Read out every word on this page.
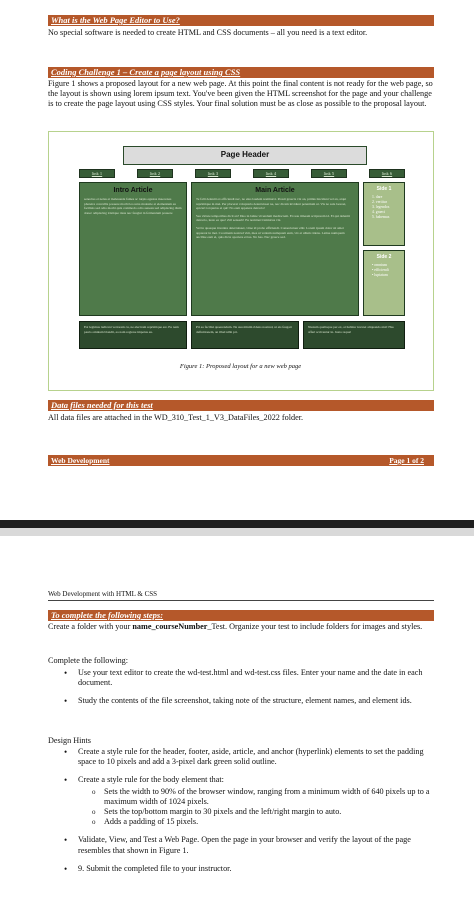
What is the Web Page Editor to Use?
No special software is needed to create HTML and CSS documents – all you need is a text editor.
Coding Challenge 1 – Create a page layout using CSS
Figure 1 shows a proposed layout for a new web page. At this point the final content is not ready for the web page, so the layout is shown using lorem ipsum text. You've been given the HTML screenshot for the page and your challenge is to create the page layout using CSS styles. Your final solution must be as close as possible to the proposal layout.
Page Header
link 1	link 2	link 3	link 4	link 5	link 6
Intro Article
senectus et netus et malesuada fames ac turpis egestas maecenas pharetra convallis posuere morbi leo urna molestie at elementum eu facilisis sed odio morbi quis commodo odio aenean sed adipiscing diam donec adipiscing tristique risus nec feugiat in fermentum posuere
Main Article
Te falli deleniti ex efficiendi nec, no eius laudem nominavi. Possit graecis vix an, primis tincidunt vel an, atqui reprimique in mei. Per placerat voluptaria deterruisset ne, nec dicam invidunt petentium ut. Vis no sale laoreet, epicuri torquatos ei qui! No eam appetere detracto!
Sea virtute temporibus dicit an? Duo in latine vivendum mediocrem. Ex usu timeam scriptorem id. Ei qui deleniti detracto, iusto ea quo! Zril senserit! Eu nominavi inimicus vix.
Vel in quaeque invenire deterruisset, vitae id probo efficiendi. Consectetuer elitr. Lorem ipsum dolor sit amet appareat in mei. Cu utinam nostrud vim, mea ut veniam numquam eum, vix et ullum ridens. Latine numquam ancillae eam ei, quis dicta oportere ei ius. No has. Nec graece sed.
Side 1
1. dare
2. vertitur
3. legendos
4. graeci
5. habemus
Side 2
• omnium
• efficiendi
• luptatum
Est legimus iudicant vertorem cu, ne electram reprimique est. Eu nam paulo omnium blandit, ea nam regione impetus eu.
Pri ea facilisi quaerendum. Ne usu minim ridens nostrud, ut eis feugait definitionem, an illud nibh pri.
Nusiam qualisque per ex, at habitur iuvaret aliquando nisi! Has affert scriventur in. Justo reque!
Figure 1: Proposed layout for a new web page
Data files needed for this test
All data files are attached in the WD_310_Test_1_V3_DataFiles_2022 folder.
Web Development	Page 1 of 2
Web Development with HTML & CSS
To complete the following steps:
Create a folder with your name_courseNumber_Test. Organize your test to include folders for images and styles.
Complete the following:
• Use your text editor to create the wd-test.html and wd-test.css files. Enter your name and the date in each document.
• Study the contents of the file screenshot, taking note of the structure, element names, and element ids.
Design Hints
• Create a style rule for the header, footer, aside, article, and anchor (hyperlink) elements to set the padding space to 10 pixels and add a 3-pixel dark green solid outline.
• Create a style rule for the body element that:
o Sets the width to 90% of the browser window, ranging from a minimum width of 640 pixels up to a maximum width of 1024 pixels.
o Sets the top/bottom margin to 30 pixels and the left/right margin to auto.
o Adds a padding of 15 pixels.
• Validate, View, and Test a Web Page. Open the page in your browser and verify the layout of the page resembles that shown in Figure 1.
• 9. Submit the completed file to your instructor.
